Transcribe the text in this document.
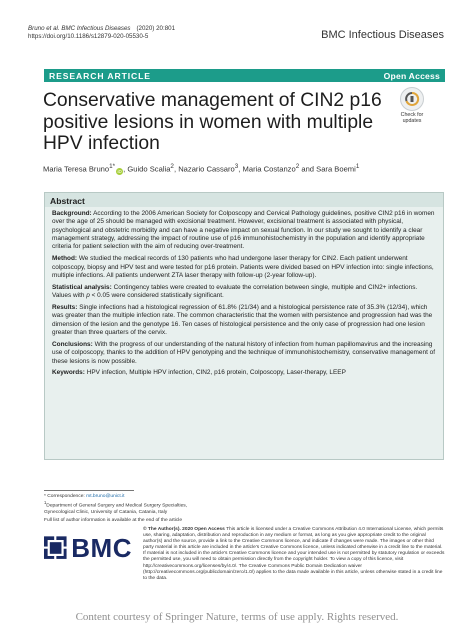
Bruno et al. BMC Infectious Diseases (2020) 20:801
https://doi.org/10.1186/s12879-020-05530-5	BMC Infectious Diseases
RESEARCH ARTICLE	Open Access
Conservative management of CIN2 p16 positive lesions in women with multiple HPV infection
Check for updates
Maria Teresa Bruno$^{1*}$iD, Guido Scalia$^2$, Nazario Cassaro$^3$, Maria Costanzo$^2$ and Sara Boemi$^1$
Abstract
Background: According to the 2006 American Society for Colposcopy and Cervical Pathology guidelines, positive CIN2 p16 in women over the age of 25 should be managed with excisional treatment. However, excisional treatment is associated with physical, psychological and obstetric morbidity and can have a negative impact on sexual function. In our study we sought to identify a clear management strategy, addressing the impact of routine use of p16 immunohistochemistry in the population and identify appropriate criteria for patient selection with the aim of reducing over-treatment.
Method: We studied the medical records of 130 patients who had undergone laser therapy for CIN2. Each patient underwent colposcopy, biopsy and HPV test and were tested for p16 protein. Patients were divided based on HPV infection into: single infections, multiple infections. All patients underwent ZTA laser therapy with follow-up (2-year follow-up).
Statistical analysis: Contingency tables were created to evaluate the correlation between single, multiple and CIN2+ infections. Values with p < 0.05 were considered statistically significant.
Results: Single infections had a histological regression of 61.8% (21/34) and a histological persistence rate of 35.3% (12/34), which was greater than the multiple infection rate. The common characteristic that the women with persistence and progression had was the dimension of the lesion and the genotype 16. Ten cases of histological persistence and the only case of progression had one lesion greater than three quarters of the cervix.
Conclusions: With the progress of our understanding of the natural history of infection from human papillomavirus and the increasing use of colposcopy, thanks to the addition of HPV genotyping and the technique of immunohistochemistry, conservative management of these lesions is now possible.
Keywords: HPV infection, Multiple HPV infection, CIN2, p16 protein, Colposcopy, Laser-therapy, LEEP
* Correspondence: mt.bruno@unict.it
$^1$Department of General Surgery and Medical Surgery Specialties,
Gynecological Clinic, University of Catania, Catania, Italy
Full list of author information is available at the end of the article
BMC
© The Author(s). 2020 Open Access This article is licensed under a Creative Commons Attribution 4.0 International License, which permits use, sharing, adaptation, distribution and reproduction in any medium or format, as long as you give appropriate credit to the original author(s) and the source, provide a link to the Creative Commons licence, and indicate if changes were made. The images or other third party material in this article are included in the article's Creative Commons licence, unless indicated otherwise in a credit line to the material. If material is not included in the article's Creative Commons licence and your intended use is not permitted by statutory regulation or exceeds the permitted use, you will need to obtain permission directly from the copyright holder. To view a copy of this licence, visit http://creativecommons.org/licenses/by/4.0/. The Creative Commons Public Domain Dedication waiver (http://creativecommons.org/publicdomain/zero/1.0/) applies to the data made available in this article, unless otherwise stated in a credit line to the data.
Content courtesy of Springer Nature, terms of use apply. Rights reserved.
